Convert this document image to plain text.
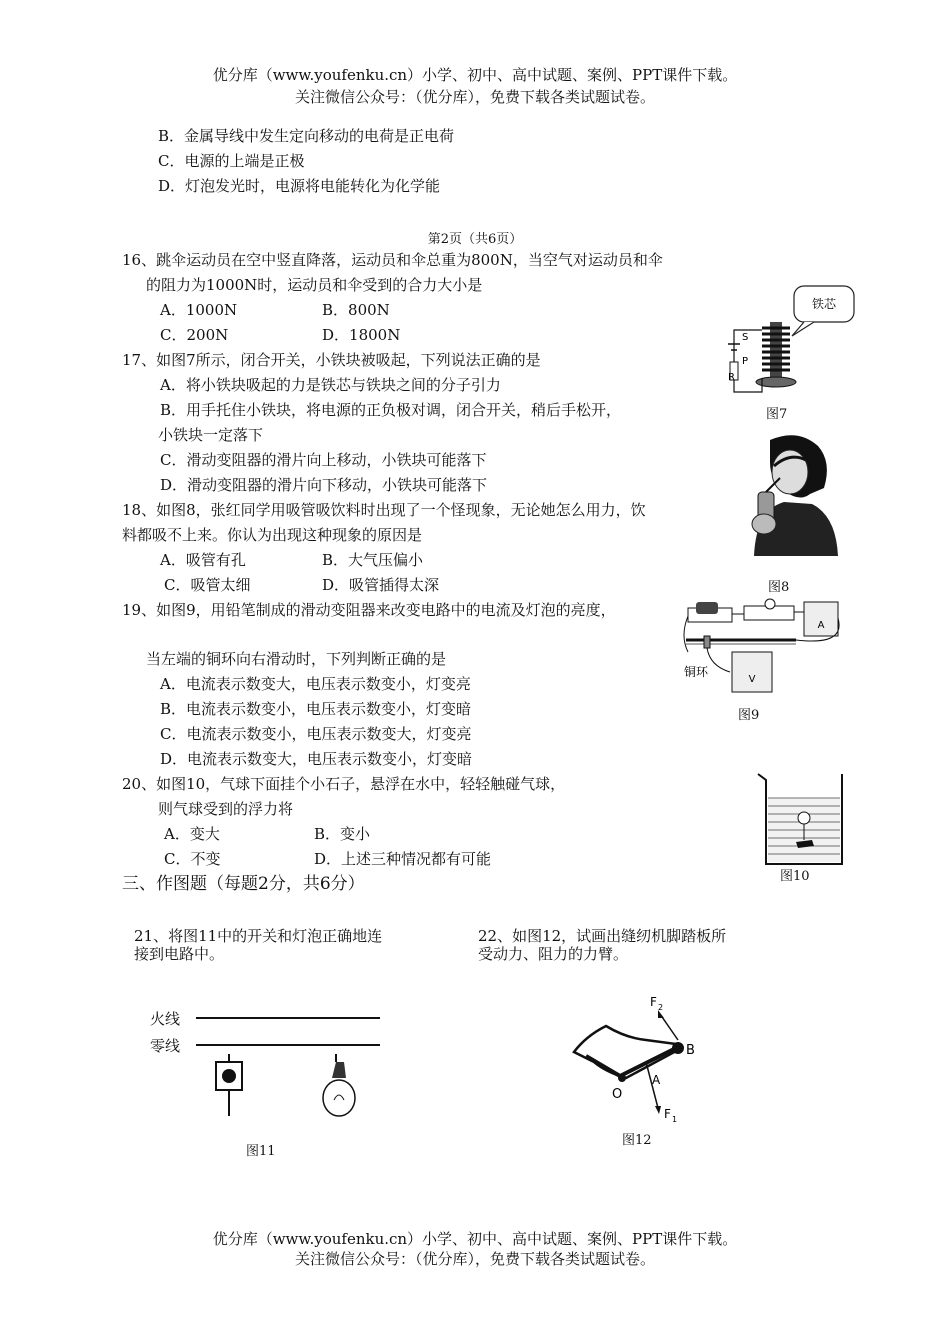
优分库（www.youfenku.cn）小学、初中、高中试题、案例、PPT课件下载。
关注微信公众号：（优分库），免费下载各类试题试卷。
B．金属导线中发生定向移动的电荷是正电荷
C．电源的上端是正极
D．灯泡发光时，电源将电能转化为化学能
第2页（共6页）
16、跳伞运动员在空中竖直降落，运动员和伞总重为800N，当空气对运动员和伞
的阻力为1000N时，运动员和伞受到的合力大小是
A．1000N	B．800N
C．200N	D．1800N
17、如图7所示，闭合开关，小铁块被吸起，下列说法正确的是
A．将小铁块吸起的力是铁芯与铁块之间的分子引力
B．用手托住小铁块，将电源的正负极对调，闭合开关，稍后手松开，
小铁块一定落下
C．滑动变阻器的滑片向上移动，小铁块可能落下
D．滑动变阻器的滑片向下移动，小铁块可能落下
18、如图8，张红同学用吸管吸饮料时出现了一个怪现象，无论她怎么用力，饮
料都吸不上来。你认为出现这种现象的原因是
A．吸管有孔	B．大气压偏小
C．吸管太细	D．吸管插得太深
19、如图9，用铅笔制成的滑动变阻器来改变电路中的电流及灯泡的亮度，
当左端的铜环向右滑动时，下列判断正确的是
A．电流表示数变大，电压表示数变小，灯变亮
B．电流表示数变小，电压表示数变小，灯变暗
C．电流表示数变小，电压表示数变大，灯变亮
D．电流表示数变大，电压表示数变小，灯变暗
20、如图10，气球下面挂个小石子，悬浮在水中，轻轻触碰气球，
则气球受到的浮力将
A．变大	B．变小
C．不变	D．上述三种情况都有可能
三、作图题（每题2分，共6分）
21、将图11中的开关和灯泡正确地连
接到电路中。
22、如图12，试画出缝纫机脚踏板所
受动力、阻力的力臂。
铁芯
S
P
R
图7
图8
A
V
铜环
图9
图10
火线
零线
图11
F 2
B
A
F 1
O
图12
优分库（www.youfenku.cn）小学、初中、高中试题、案例、PPT课件下载。
关注微信公众号：（优分库），免费下载各类试题试卷。
